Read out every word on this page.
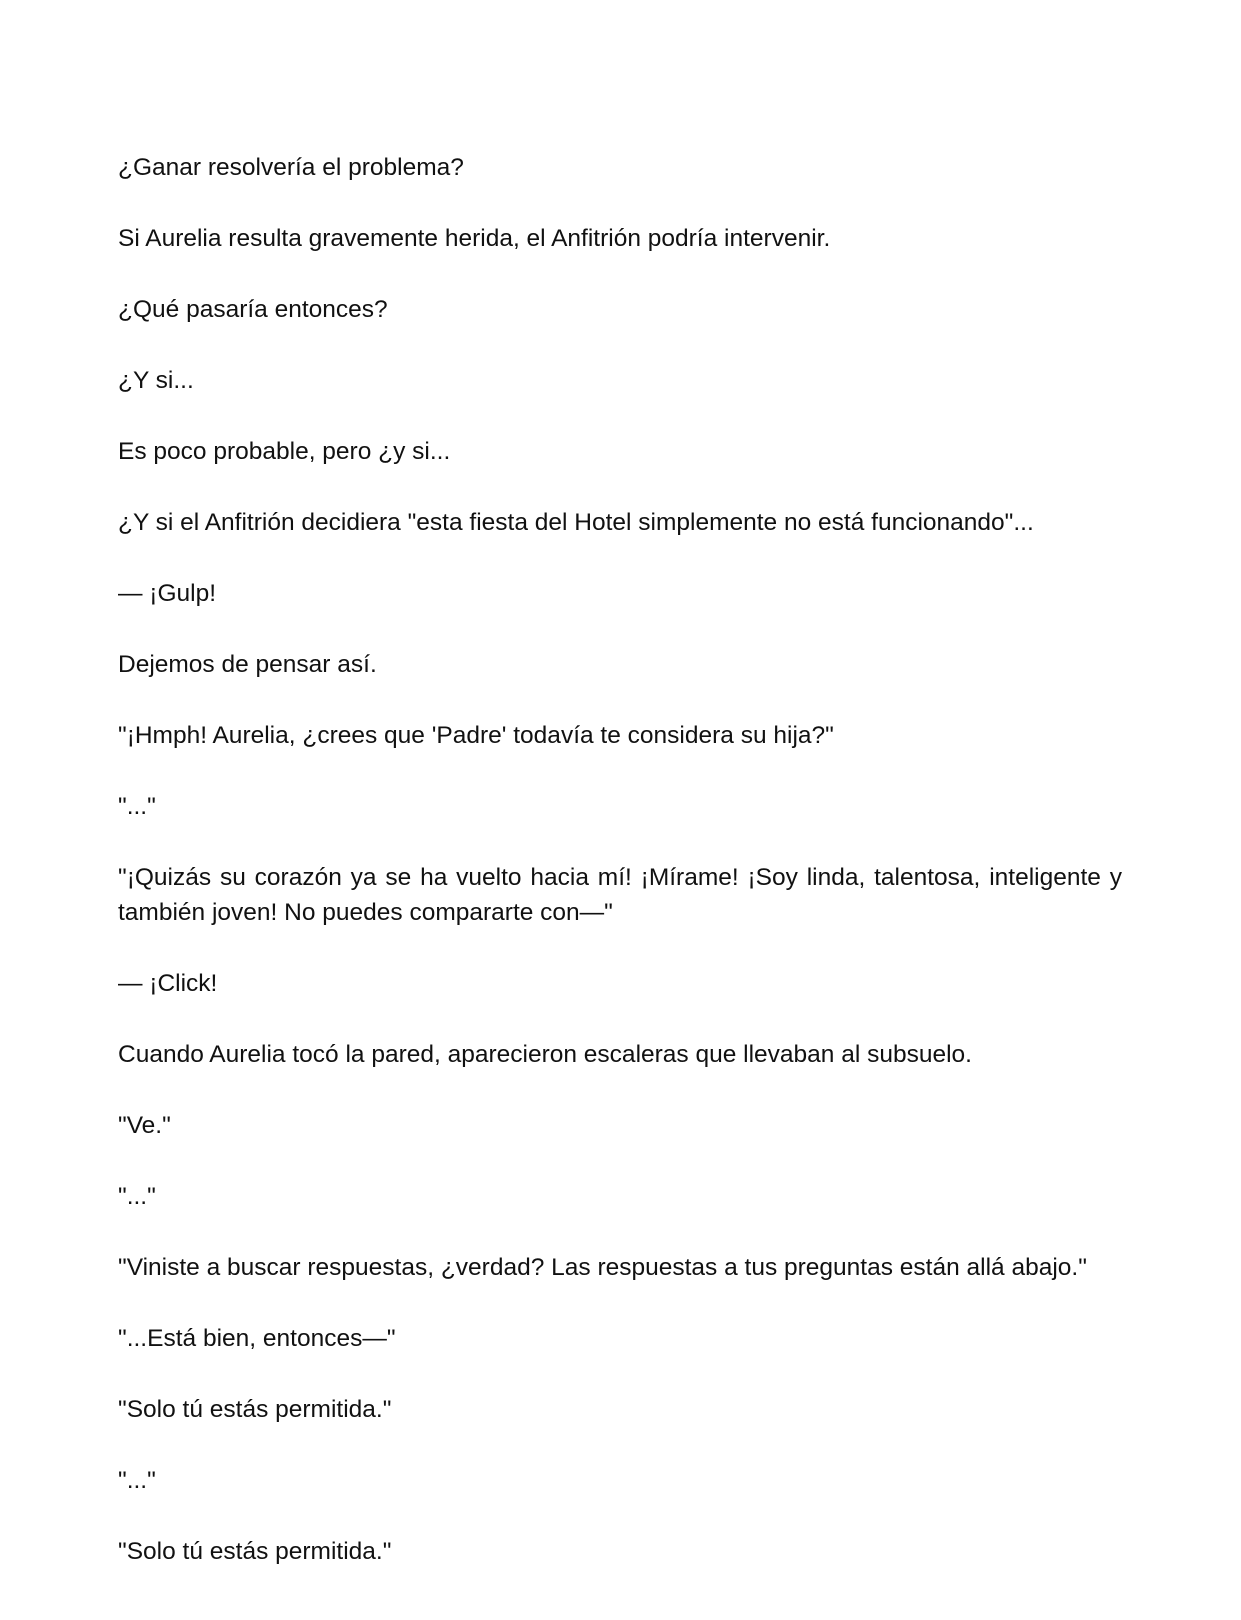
¿Ganar resolvería el problema?

Si Aurelia resulta gravemente herida, el Anfitrión podría intervenir.

¿Qué pasaría entonces?

¿Y si...

Es poco probable, pero ¿y si...

¿Y si el Anfitrión decidiera "esta fiesta del Hotel simplemente no está funcionando"...

— ¡Gulp!

Dejemos de pensar así.

"¡Hmph! Aurelia, ¿crees que 'Padre' todavía te considera su hija?"

"..."

"¡Quizás su corazón ya se ha vuelto hacia mí! ¡Mírame! ¡Soy linda, talentosa, inteligente y también joven! No puedes compararte con—"

— ¡Click!

Cuando Aurelia tocó la pared, aparecieron escaleras que llevaban al subsuelo.

"Ve."

"..."

"Viniste a buscar respuestas, ¿verdad? Las respuestas a tus preguntas están allá abajo."

"...Está bien, entonces—"

"Solo tú estás permitida."

"..."

"Solo tú estás permitida."
